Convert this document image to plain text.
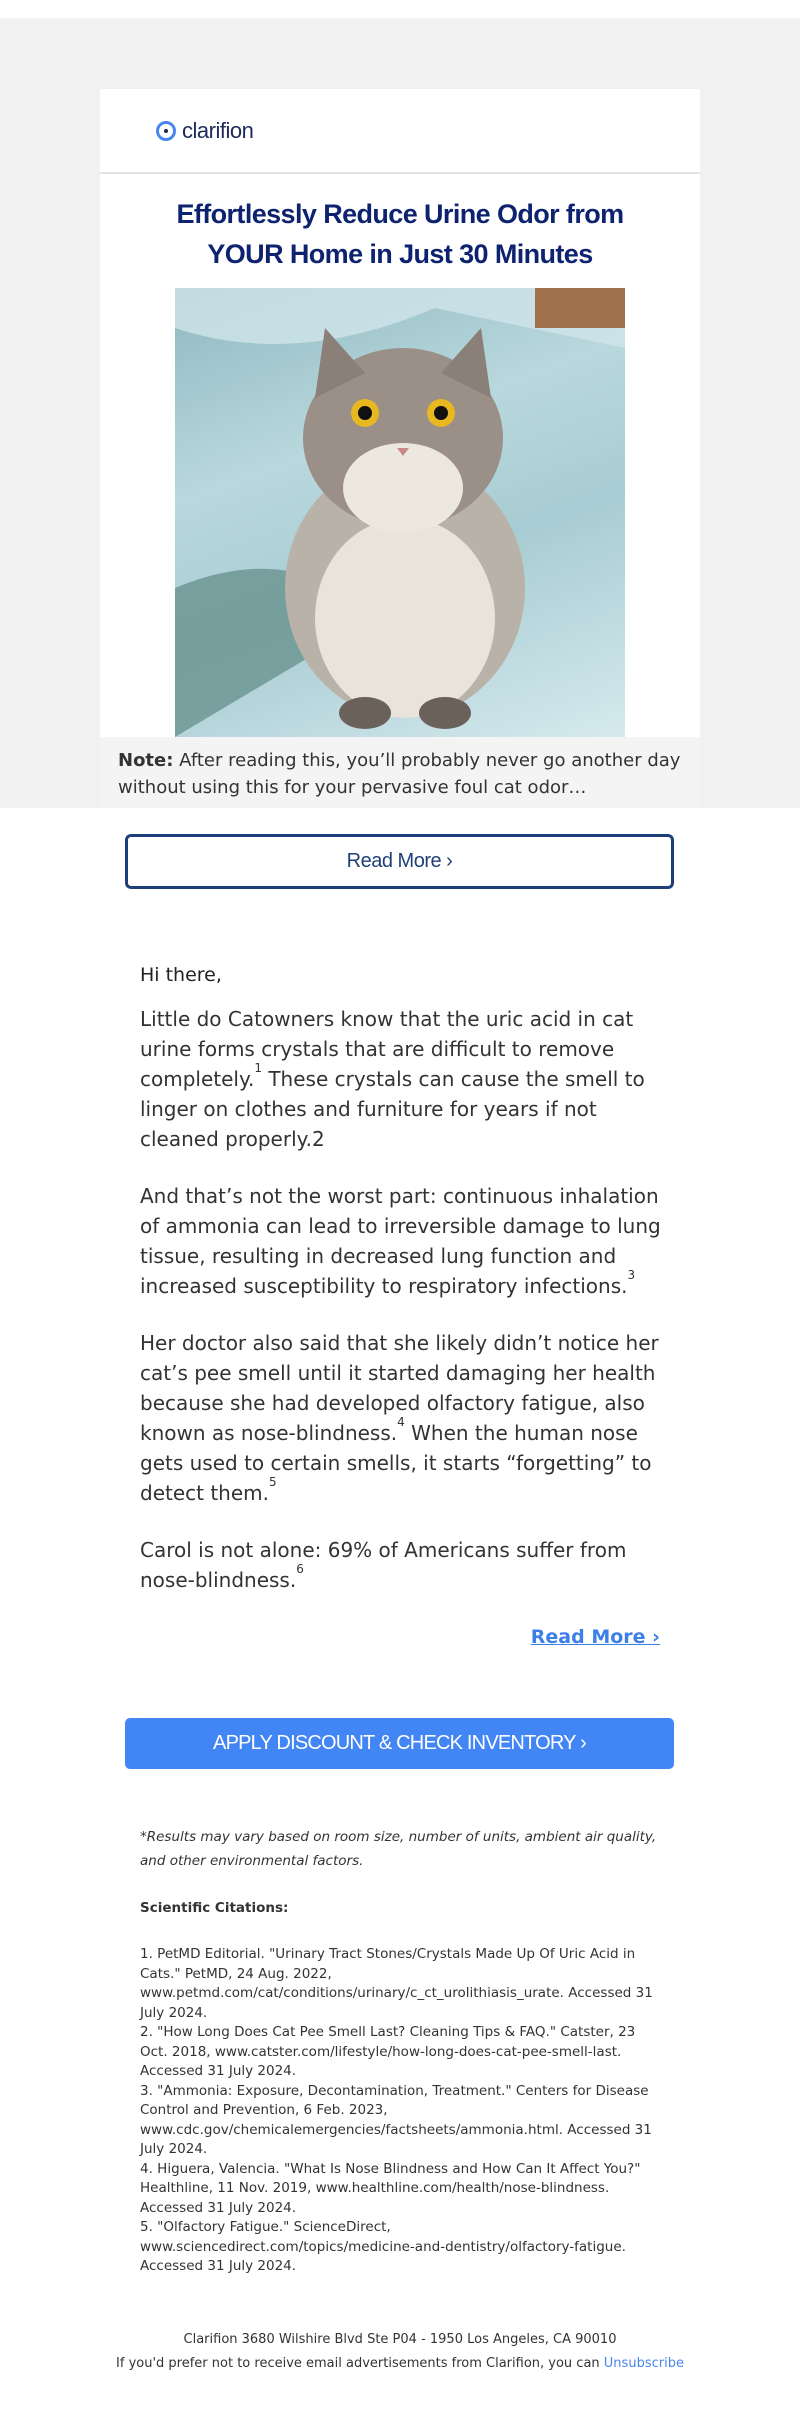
clarifion
Effortlessly Reduce Urine Odor from YOUR Home in Just 30 Minutes
Note: After reading this, you’ll probably never go another day without using this for your pervasive foul cat odor…
Read More ›

Hi there,

Little do Catowners know that the uric acid in cat urine forms crystals that are difficult to remove completely.$^1$ These crystals can cause the smell to linger on clothes and furniture for years if not cleaned properly.2

And that’s not the worst part: continuous inhalation of ammonia can lead to irreversible damage to lung tissue, resulting in decreased lung function and increased susceptibility to respiratory infections.$^3$

Her doctor also said that she likely didn’t notice her cat’s pee smell until it started damaging her health because she had developed olfactory fatigue, also known as nose-blindness.$^4$ When the human nose gets used to certain smells, it starts “forgetting” to detect them.$^5$

Carol is not alone: 69% of Americans suffer from nose-blindness.$^6$

Read More ›
APPLY DISCOUNT & CHECK INVENTORY ›

*Results may vary based on room size, number of units, ambient air quality, and other environmental factors.

Scientific Citations:

1. PetMD Editorial. "Urinary Tract Stones/Crystals Made Up Of Uric Acid in Cats." PetMD, 24 Aug. 2022, www.petmd.com/cat/conditions/urinary/c_ct_urolithiasis_urate. Accessed 31 July 2024.
2. "How Long Does Cat Pee Smell Last? Cleaning Tips & FAQ." Catster, 23 Oct. 2018, www.catster.com/lifestyle/how-long-does-cat-pee-smell-last. Accessed 31 July 2024.
3. "Ammonia: Exposure, Decontamination, Treatment." Centers for Disease Control and Prevention, 6 Feb. 2023, www.cdc.gov/chemicalemergencies/factsheets/ammonia.html. Accessed 31 July 2024.
4. Higuera, Valencia. "What Is Nose Blindness and How Can It Affect You?" Healthline, 11 Nov. 2019, www.healthline.com/health/nose-blindness. Accessed 31 July 2024.
5. "Olfactory Fatigue." ScienceDirect, www.sciencedirect.com/topics/medicine-and-dentistry/olfactory-fatigue. Accessed 31 July 2024.
Clarifion 3680 Wilshire Blvd Ste P04 - 1950 Los Angeles, CA 90010
If you'd prefer not to receive email advertisements from Clarifion, you can Unsubscribe
